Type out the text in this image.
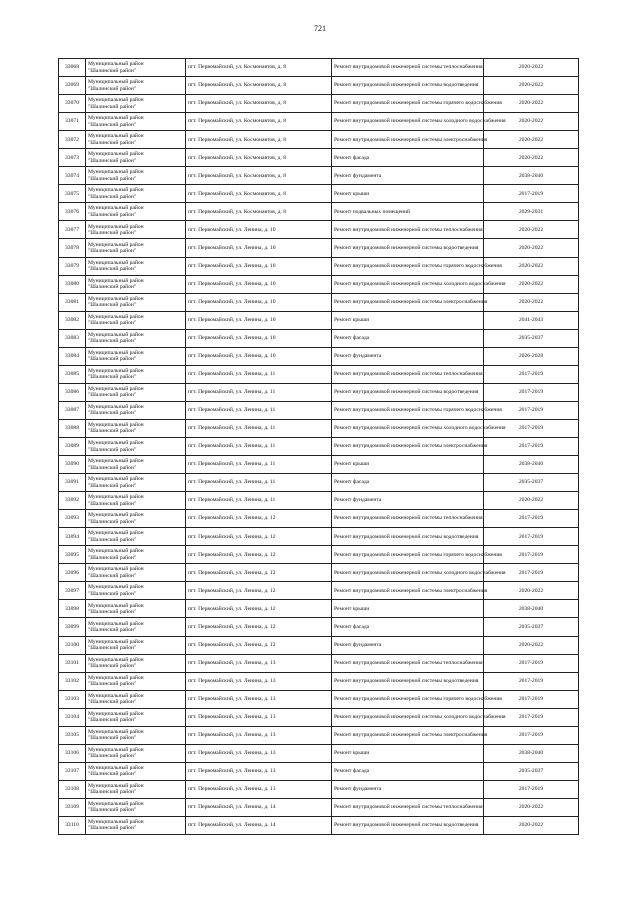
721
33068	Муниципальный район
"Шалинский район"	пгт. Первомайский, ул. Космонавтов, д. 8	Ремонт внутридомовой инженерной системы теплоснабжения	2020-2022
33069	Муниципальный район
"Шалинский район"	пгт. Первомайский, ул. Космонавтов, д. 8	Ремонт внутридомовой инженерной системы водоотведения	2020-2022
33070	Муниципальный район
"Шалинский район"	пгт. Первомайский, ул. Космонавтов, д. 8	Ремонт внутридомовой инженерной системы горячего водоснабжения	2020-2022
33071	Муниципальный район
"Шалинский район"	пгт. Первомайский, ул. Космонавтов, д. 8	Ремонт внутридомовой инженерной системы холодного водоснабжения	2020-2022
33072	Муниципальный район
"Шалинский район"	пгт. Первомайский, ул. Космонавтов, д. 8	Ремонт внутридомовой инженерной системы электроснабжения	2020-2022
33073	Муниципальный район
"Шалинский район"	пгт. Первомайский, ул. Космонавтов, д. 8	Ремонт фасада	2020-2022
33074	Муниципальный район
"Шалинский район"	пгт. Первомайский, ул. Космонавтов, д. 8	Ремонт фундамента	2038-2040
33075	Муниципальный район
"Шалинский район"	пгт. Первомайский, ул. Космонавтов, д. 8	Ремонт крыши	2017-2019
33076	Муниципальный район
"Шалинский район"	пгт. Первомайский, ул. Космонавтов, д. 8	Ремонт подвальных помещений	2029-2031
33077	Муниципальный район
"Шалинский район"	пгт. Первомайский, ул. Ленина, д. 10	Ремонт внутридомовой инженерной системы теплоснабжения	2020-2022
33078	Муниципальный район
"Шалинский район"	пгт. Первомайский, ул. Ленина, д. 10	Ремонт внутридомовой инженерной системы водоотведения	2020-2022
33079	Муниципальный район
"Шалинский район"	пгт. Первомайский, ул. Ленина, д. 10	Ремонт внутридомовой инженерной системы горячего водоснабжения	2020-2022
33080	Муниципальный район
"Шалинский район"	пгт. Первомайский, ул. Ленина, д. 10	Ремонт внутридомовой инженерной системы холодного водоснабжения	2020-2022
33081	Муниципальный район
"Шалинский район"	пгт. Первомайский, ул. Ленина, д. 10	Ремонт внутридомовой инженерной системы электроснабжения	2020-2022
33082	Муниципальный район
"Шалинский район"	пгт. Первомайский, ул. Ленина, д. 10	Ремонт крыши	2041-2043
33083	Муниципальный район
"Шалинский район"	пгт. Первомайский, ул. Ленина, д. 10	Ремонт фасада	2035-2037
33084	Муниципальный район
"Шалинский район"	пгт. Первомайский, ул. Ленина, д. 10	Ремонт фундамента	2026-2028
33085	Муниципальный район
"Шалинский район"	пгт. Первомайский, ул. Ленина, д. 11	Ремонт внутридомовой инженерной системы теплоснабжения	2017-2019
33086	Муниципальный район
"Шалинский район"	пгт. Первомайский, ул. Ленина, д. 11	Ремонт внутридомовой инженерной системы водоотведения	2017-2019
33087	Муниципальный район
"Шалинский район"	пгт. Первомайский, ул. Ленина, д. 11	Ремонт внутридомовой инженерной системы горячего водоснабжения	2017-2019
33088	Муниципальный район
"Шалинский район"	пгт. Первомайский, ул. Ленина, д. 11	Ремонт внутридомовой инженерной системы холодного водоснабжения	2017-2019
33089	Муниципальный район
"Шалинский район"	пгт. Первомайский, ул. Ленина, д. 11	Ремонт внутридомовой инженерной системы электроснабжения	2017-2019
33090	Муниципальный район
"Шалинский район"	пгт. Первомайский, ул. Ленина, д. 11	Ремонт крыши	2038-2040
33091	Муниципальный район
"Шалинский район"	пгт. Первомайский, ул. Ленина, д. 11	Ремонт фасада	2035-2037
33092	Муниципальный район
"Шалинский район"	пгт. Первомайский, ул. Ленина, д. 11	Ремонт фундамента	2020-2022
33093	Муниципальный район
"Шалинский район"	пгт. Первомайский, ул. Ленина, д. 12	Ремонт внутридомовой инженерной системы теплоснабжения	2017-2019
33094	Муниципальный район
"Шалинский район"	пгт. Первомайский, ул. Ленина, д. 12	Ремонт внутридомовой инженерной системы водоотведения	2017-2019
33095	Муниципальный район
"Шалинский район"	пгт. Первомайский, ул. Ленина, д. 12	Ремонт внутридомовой инженерной системы горячего водоснабжения	2017-2019
33096	Муниципальный район
"Шалинский район"	пгт. Первомайский, ул. Ленина, д. 12	Ремонт внутридомовой инженерной системы холодного водоснабжения	2017-2019
33097	Муниципальный район
"Шалинский район"	пгт. Первомайский, ул. Ленина, д. 12	Ремонт внутридомовой инженерной системы электроснабжения	2020-2022
33098	Муниципальный район
"Шалинский район"	пгт. Первомайский, ул. Ленина, д. 12	Ремонт крыши	2038-2040
33099	Муниципальный район
"Шалинский район"	пгт. Первомайский, ул. Ленина, д. 12	Ремонт фасада	2035-2037
33100	Муниципальный район
"Шалинский район"	пгт. Первомайский, ул. Ленина, д. 12	Ремонт фундамента	2020-2022
33101	Муниципальный район
"Шалинский район"	пгт. Первомайский, ул. Ленина, д. 13	Ремонт внутридомовой инженерной системы теплоснабжения	2017-2019
33102	Муниципальный район
"Шалинский район"	пгт. Первомайский, ул. Ленина, д. 13	Ремонт внутридомовой инженерной системы водоотведения	2017-2019
33103	Муниципальный район
"Шалинский район"	пгт. Первомайский, ул. Ленина, д. 13	Ремонт внутридомовой инженерной системы горячего водоснабжения	2017-2019
33104	Муниципальный район
"Шалинский район"	пгт. Первомайский, ул. Ленина, д. 13	Ремонт внутридомовой инженерной системы холодного водоснабжения	2017-2019
33105	Муниципальный район
"Шалинский район"	пгт. Первомайский, ул. Ленина, д. 13	Ремонт внутридомовой инженерной системы электроснабжения	2017-2019
33106	Муниципальный район
"Шалинский район"	пгт. Первомайский, ул. Ленина, д. 13	Ремонт крыши	2038-2040
33107	Муниципальный район
"Шалинский район"	пгт. Первомайский, ул. Ленина, д. 13	Ремонт фасада	2035-2037
33108	Муниципальный район
"Шалинский район"	пгт. Первомайский, ул. Ленина, д. 13	Ремонт фундамента	2017-2019
33109	Муниципальный район
"Шалинский район"	пгт. Первомайский, ул. Ленина, д. 14	Ремонт внутридомовой инженерной системы теплоснабжения	2020-2022
33110	Муниципальный район
"Шалинский район"	пгт. Первомайский, ул. Ленина, д. 14	Ремонт внутридомовой инженерной системы водоотведения	2020-2022
